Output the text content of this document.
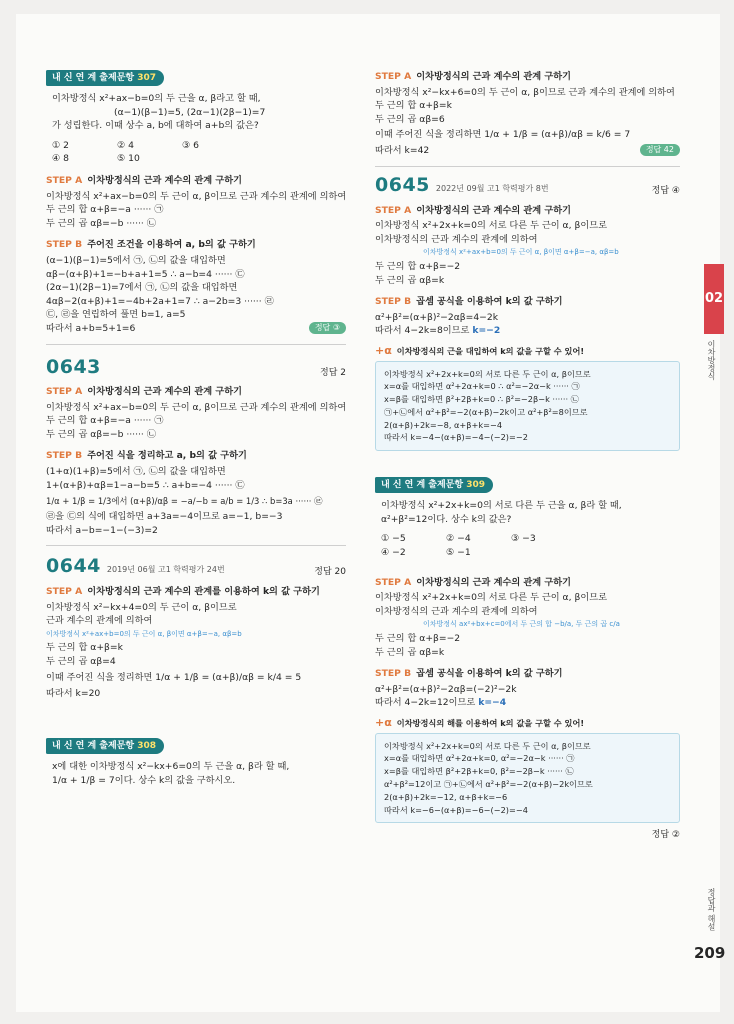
02
이차방정식
정답과 해설
209
내 신 연 계 출제문항 307
이차방정식 x²+ax−b=0의 두 근을 α, β라고 할 때,
(α−1)(β−1)=5, (2α−1)(2β−1)=7
가 성립한다. 이때 상수 a, b에 대하여 a+b의 값은?
① 2	② 4	③ 6
④ 8	⑤ 10
STEP A 이차방정식의 근과 계수의 관계 구하기
이차방정식 x²+ax−b=0의 두 근이 α, β이므로 근과 계수의 관계에 의하여
두 근의 합 α+β=−a ······ ㉠
두 근의 곱 αβ=−b ······ ㉡
STEP B 주어진 조건을 이용하여 a, b의 값 구하기
(α−1)(β−1)=5에서 ㉠, ㉡의 값을 대입하면
αβ−(α+β)+1=−b+a+1=5 ∴ a−b=4 ······ ㉢
(2α−1)(2β−1)=7에서 ㉠, ㉡의 값을 대입하면
4αβ−2(α+β)+1=−4b+2a+1=7 ∴ a−2b=3 ······ ㉣
㉢, ㉣을 연립하여 풀면 b=1, a=5
따라서 a+b=5+1=6	정답 ③
0643	정답 2
STEP A 이차방정식의 근과 계수의 관계 구하기
이차방정식 x²+ax−b=0의 두 근이 α, β이므로 근과 계수의 관계에 의하여
두 근의 합 α+β=−a ······ ㉠
두 근의 곱 αβ=−b ······ ㉡
STEP B 주어진 식을 정리하고 a, b의 값 구하기
(1+α)(1+β)=5에서 ㉠, ㉡의 값을 대입하면
1+(α+β)+αβ=1−a−b=5 ∴ a+b=−4 ······ ㉢
1/α + 1/β = 1/3에서 (α+β)/αβ = −a/−b = a/b = 1/3 ∴ b=3a ······ ㉣
㉣을 ㉢의 식에 대입하면 a+3a=−4이므로 a=−1, b=−3
따라서 a−b=−1−(−3)=2
0644 2019년 06월 고1 학력평가 24번	정답 20
STEP A 이차방정식의 근과 계수의 관계를 이용하여 k의 값 구하기
이차방정식 x²−kx+4=0의 두 근이 α, β이므로
근과 계수의 관계에 의하여
이차방정식 x²+ax+b=0의 두 근이 α, β이면 α+β=−a, αβ=b
두 근의 합 α+β=k
두 근의 곱 αβ=4
이때 주어진 식을 정리하면 1/α + 1/β = (α+β)/αβ = k/4 = 5
따라서 k=20
내 신 연 계 출제문항 308
x에 대한 이차방정식 x²−kx+6=0의 두 근을 α, β라 할 때,
1/α + 1/β = 7이다. 상수 k의 값을 구하시오.
STEP A 이차방정식의 근과 계수의 관계 구하기
이차방정식 x²−kx+6=0의 두 근이 α, β이므로 근과 계수의 관계에 의하여
두 근의 합 α+β=k
두 근의 곱 αβ=6
이때 주어진 식을 정리하면 1/α + 1/β = (α+β)/αβ = k/6 = 7
따라서 k=42	정답 42
0645 2022년 09월 고1 학력평가 8번	정답 ④
STEP A 이차방정식의 근과 계수의 관계 구하기
이차방정식 x²+2x+k=0의 서로 다른 두 근이 α, β이므로
이차방정식의 근과 계수의 관계에 의하여
이차방정식 x²+ax+b=0의 두 근이 α, β이면 α+β=−a, αβ=b
두 근의 합 α+β=−2
두 근의 곱 αβ=k
STEP B 곱셈 공식을 이용하여 k의 값 구하기
α²+β²=(α+β)²−2αβ=4−2k
따라서 4−2k=8이므로 k=−2
+α 이차방정식의 근을 대입하여 k의 값을 구할 수 있어!
이차방정식 x²+2x+k=0의 서로 다른 두 근이 α, β이므로
x=α를 대입하면 α²+2α+k=0 ∴ α²=−2α−k ······ ㉠
x=β를 대입하면 β²+2β+k=0 ∴ β²=−2β−k ······ ㉡
㉠+㉡에서 α²+β²=−2(α+β)−2k이고 α²+β²=8이므로
2(α+β)+2k=−8, α+β+k=−4
따라서 k=−4−(α+β)=−4−(−2)=−2
내 신 연 계 출제문항 309
이차방정식 x²+2x+k=0의 서로 다른 두 근을 α, β라 할 때,
α²+β²=12이다. 상수 k의 값은?
① −5	② −4	③ −3
④ −2	⑤ −1
STEP A 이차방정식의 근과 계수의 관계 구하기
이차방정식 x²+2x+k=0의 서로 다른 두 근이 α, β이므로
이차방정식의 근과 계수의 관계에 의하여
이차방정식 ax²+bx+c=0에서 두 근의 합 −b/a, 두 근의 곱 c/a
두 근의 합 α+β=−2
두 근의 곱 αβ=k
STEP B 곱셈 공식을 이용하여 k의 값 구하기
α²+β²=(α+β)²−2αβ=(−2)²−2k
따라서 4−2k=12이므로 k=−4
+α 이차방정식의 해를 이용하여 k의 값을 구할 수 있어!
이차방정식 x²+2x+k=0의 서로 다른 두 근이 α, β이므로
x=α를 대입하면 α²+2α+k=0, α²=−2α−k ······ ㉠
x=β를 대입하면 β²+2β+k=0, β²=−2β−k ······ ㉡
α²+β²=12이고 ㉠+㉡에서 α²+β²=−2(α+β)−2k이므로
2(α+β)+2k=−12, α+β+k=−6
따라서 k=−6−(α+β)=−6−(−2)=−4
정답 ②
